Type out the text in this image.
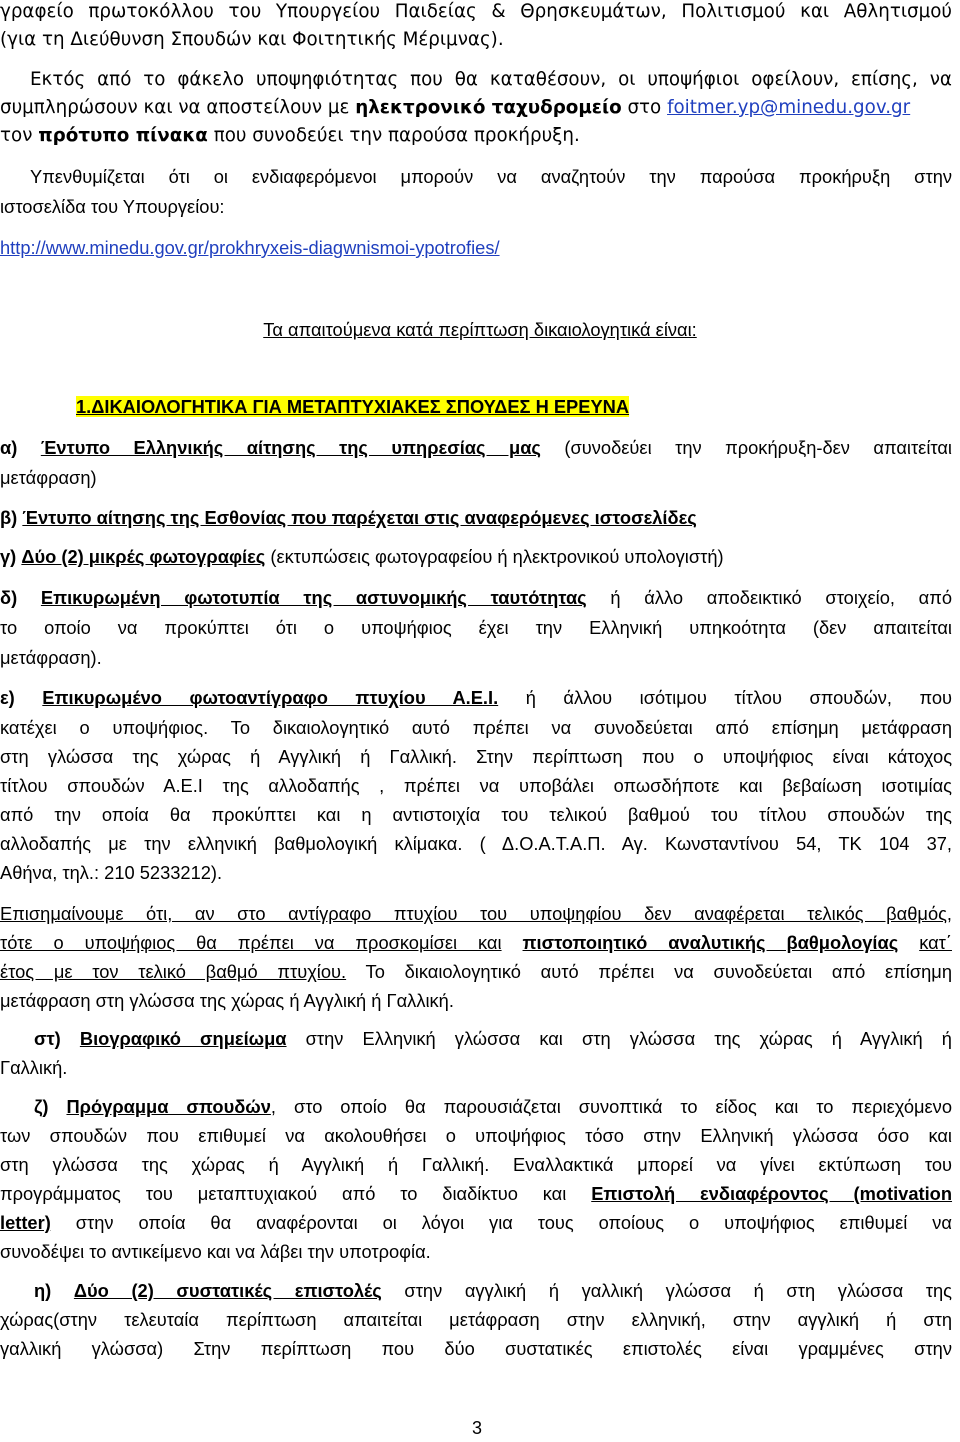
γραφείο πρωτοκόλλου του Υπουργείου Παιδείας & Θρησκευμάτων, Πολιτισμού και Αθλητισμού
(για τη Διεύθυνση Σπουδών και Φοιτητικής Μέριμνας).
Εκτός από το φάκελο υποψηφιότητας που θα καταθέσουν, οι υποψήφιοι οφείλουν, επίσης, να
συμπληρώσουν και να αποστείλουν με ηλεκτρονικό ταχυδρομείο στο foitmer.yp@minedu.gov.gr
τον πρότυπο πίνακα που συνοδεύει την παρούσα προκήρυξη.
Υπενθυμίζεται ότι οι ενδιαφερόμενοι μπορούν να αναζητούν την παρούσα προκήρυξη στην
ιστοσελίδα του Υπουργείου:
http://www.minedu.gov.gr/prokhryxeis-diagwnismoi-ypotrofies/
Τα απαιτούμενα κατά περίπτωση δικαιολογητικά είναι:
1.ΔΙΚΑΙΟΛΟΓΗΤΙΚΑ ΓΙΑ ΜΕΤΑΠΤΥΧΙΑΚΕΣ ΣΠΟΥΔΕΣ Η ΕΡΕΥΝΑ
α) Έντυπο Ελληνικής αίτησης της υπηρεσίας μας (συνοδεύει την προκήρυξη-δεν απαιτείται
μετάφραση)
β) Έντυπο αίτησης της Εσθονίας που παρέχεται στις αναφερόμενες ιστοσελίδες
γ) Δύο (2) μικρές φωτογραφίες (εκτυπώσεις φωτογραφείου ή ηλεκτρονικού υπολογιστή)
δ) Επικυρωμένη φωτοτυπία της αστυνομικής ταυτότητας ή άλλο αποδεικτικό στοιχείο, από
το οποίο να προκύπτει ότι ο υποψήφιος έχει την Ελληνική υπηκοότητα (δεν απαιτείται
μετάφραση).
ε) Επικυρωμένο φωτοαντίγραφο πτυχίου Α.Ε.Ι. ή άλλου ισότιμου τίτλου σπουδών, που
κατέχει ο υποψήφιος. Το δικαιολογητικό αυτό πρέπει να συνοδεύεται από επίσημη μετάφραση
στη γλώσσα της χώρας ή Αγγλική ή Γαλλική. Στην περίπτωση που ο υποψήφιος είναι κάτοχος
τίτλου σπουδών Α.Ε.Ι της αλλοδαπής , πρέπει να υποβάλει οπωσδήποτε και βεβαίωση ισοτιμίας
από την οποία θα προκύπτει και η αντιστοιχία του τελικού βαθμού του τίτλου σπουδών της
αλλοδαπής με την ελληνική βαθμολογική κλίμακα. ( Δ.Ο.Α.Τ.Α.Π. Αγ. Κωνσταντίνου 54, ΤΚ 104 37,
Αθήνα, τηλ.: 210 5233212).
Επισημαίνουμε ότι, αν στο αντίγραφο πτυχίου του υποψηφίου δεν αναφέρεται τελικός βαθμός,
τότε ο υποψήφιος θα πρέπει να προσκομίσει και πιστοποιητικό αναλυτικής βαθμολογίας κατ΄
έτος με τον τελικό βαθμό πτυχίου. Το δικαιολογητικό αυτό πρέπει να συνοδεύεται από επίσημη
μετάφραση στη γλώσσα της χώρας ή Αγγλική ή Γαλλική.
στ) Βιογραφικό σημείωμα στην Ελληνική γλώσσα και στη γλώσσα της χώρας ή Αγγλική ή
Γαλλική.
ζ) Πρόγραμμα σπουδών, στο οποίο θα παρουσιάζεται συνοπτικά το είδος και το περιεχόμενο
των σπουδών που επιθυμεί να ακολουθήσει ο υποψήφιος τόσο στην Ελληνική γλώσσα όσο και
στη γλώσσα της χώρας ή Αγγλική ή Γαλλική. Εναλλακτικά μπορεί να γίνει εκτύπωση του
προγράμματος του μεταπτυχιακού από το διαδίκτυο και Επιστολή ενδιαφέροντος (motivation
letter) στην οποία θα αναφέρονται οι λόγοι για τους οποίους ο υποψήφιος επιθυμεί να
συνοδέψει το αντικείμενο και να λάβει την υποτροφία.
η) Δύο (2) συστατικές επιστολές στην αγγλική ή γαλλική γλώσσα ή στη γλώσσα της
χώρας(στην τελευταία περίπτωση απαιτείται μετάφραση στην ελληνική, στην αγγλική ή στη
γαλλική γλώσσα) Στην περίπτωση που δύο συστατικές επιστολές είναι γραμμένες στην
3
